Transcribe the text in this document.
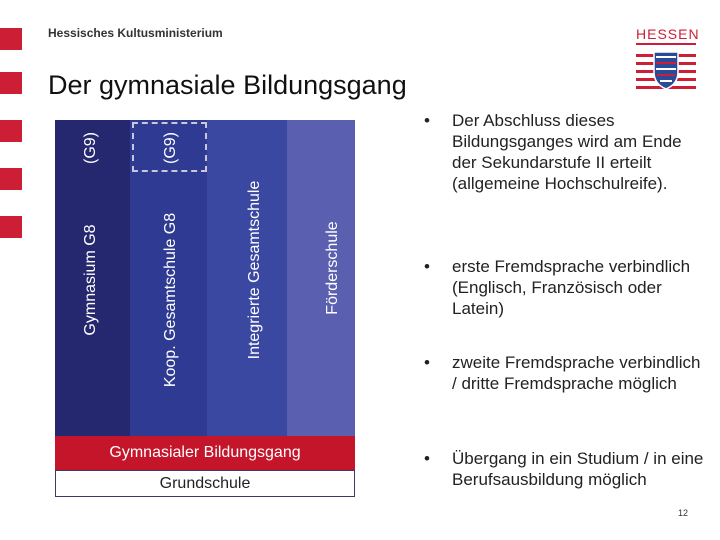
Hessisches Kultusministerium	HESSEN
Der gymnasiale Bildungsgang
(G9)
Gymnasium G8
(G9)
Koop. Gesamtschule G8	Integrierte Gesamtschule	Förderschule
Gymnasialer Bildungsgang
Grundschule
• Der Abschluss dieses Bildungsganges wird am Ende der Sekundarstufe II erteilt (allgemeine Hochschulreife).
• erste Fremdsprache verbindlich (Englisch, Französisch oder Latein)
• zweite Fremdsprache verbindlich / dritte Fremdsprache möglich
• Übergang in ein Studium / in eine Berufsausbildung möglich
12
